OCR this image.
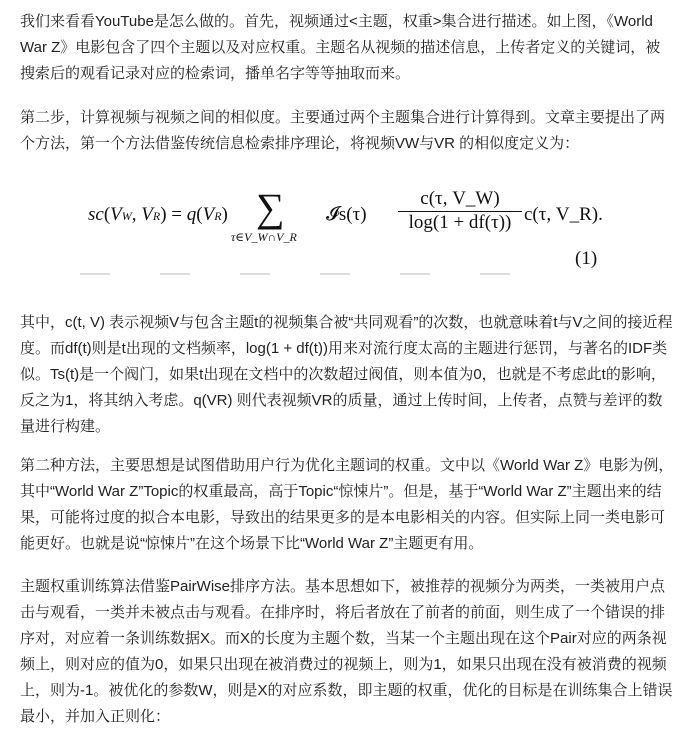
我们来看看YouTube是怎么做的。首先，视频通过<主题，权重>集合进行描述。如上图，《World War Z》电影包含了四个主题以及对应权重。主题名从视频的描述信息，上传者定义的关键词，被搜索后的观看记录对应的检索词，播单名字等等抽取而来。

第二步，计算视频与视频之间的相似度。主要通过两个主题集合进行计算得到。文章主要提出了两个方法，第一个方法借鉴传统信息检索排序理论，将视频VW与VR 的相似度定义为：

sc(VW, VR) = q(VR) ∑
τ∈V_W∩V_R
𝓘s(τ) $\frac{c(\tau, V\_W)}{\log(1 + df(\tau))} c(\tau$, V_R).
(1)

其中，c(t, V) 表示视频V与包含主题t的视频集合被“共同观看”的次数，也就意味着t与V之间的接近程度。而df(t)则是t出现的文档频率，log(1 + df(t))用来对流行度太高的主题进行惩罚，与著名的IDF类似。Ts(t)是一个阀门，如果t出现在文档中的次数超过阀值，则本值为0，也就是不考虑此t的影响，反之为1，将其纳入考虑。q(VR) 则代表视频VR的质量，通过上传时间，上传者，点赞与差评的数量进行构建。

第二种方法，主要思想是试图借助用户行为优化主题词的权重。文中以《World War Z》电影为例，其中“World War Z”Topic的权重最高，高于Topic“惊悚片”。但是，基于“World War Z”主题出来的结果，可能将过度的拟合本电影，导致出的结果更多的是本电影相关的内容。但实际上同一类电影可能更好。也就是说“惊悚片”在这个场景下比“World War Z”主题更有用。

主题权重训练算法借鉴PairWise排序方法。基本思想如下，被推荐的视频分为两类，一类被用户点击与观看，一类并未被点击与观看。在排序时，将后者放在了前者的前面，则生成了一个错误的排序对，对应着一条训练数据X。而X的长度为主题个数，当某一个主题出现在这个Pair对应的两条视频上，则对应的值为0，如果只出现在被消费过的视频上，则为1，如果只出现在没有被消费的视频上，则为-1。被优化的参数W，则是X的对应系数，即主题的权重，优化的目标是在训练集合上错误最小，并加入正则化：
